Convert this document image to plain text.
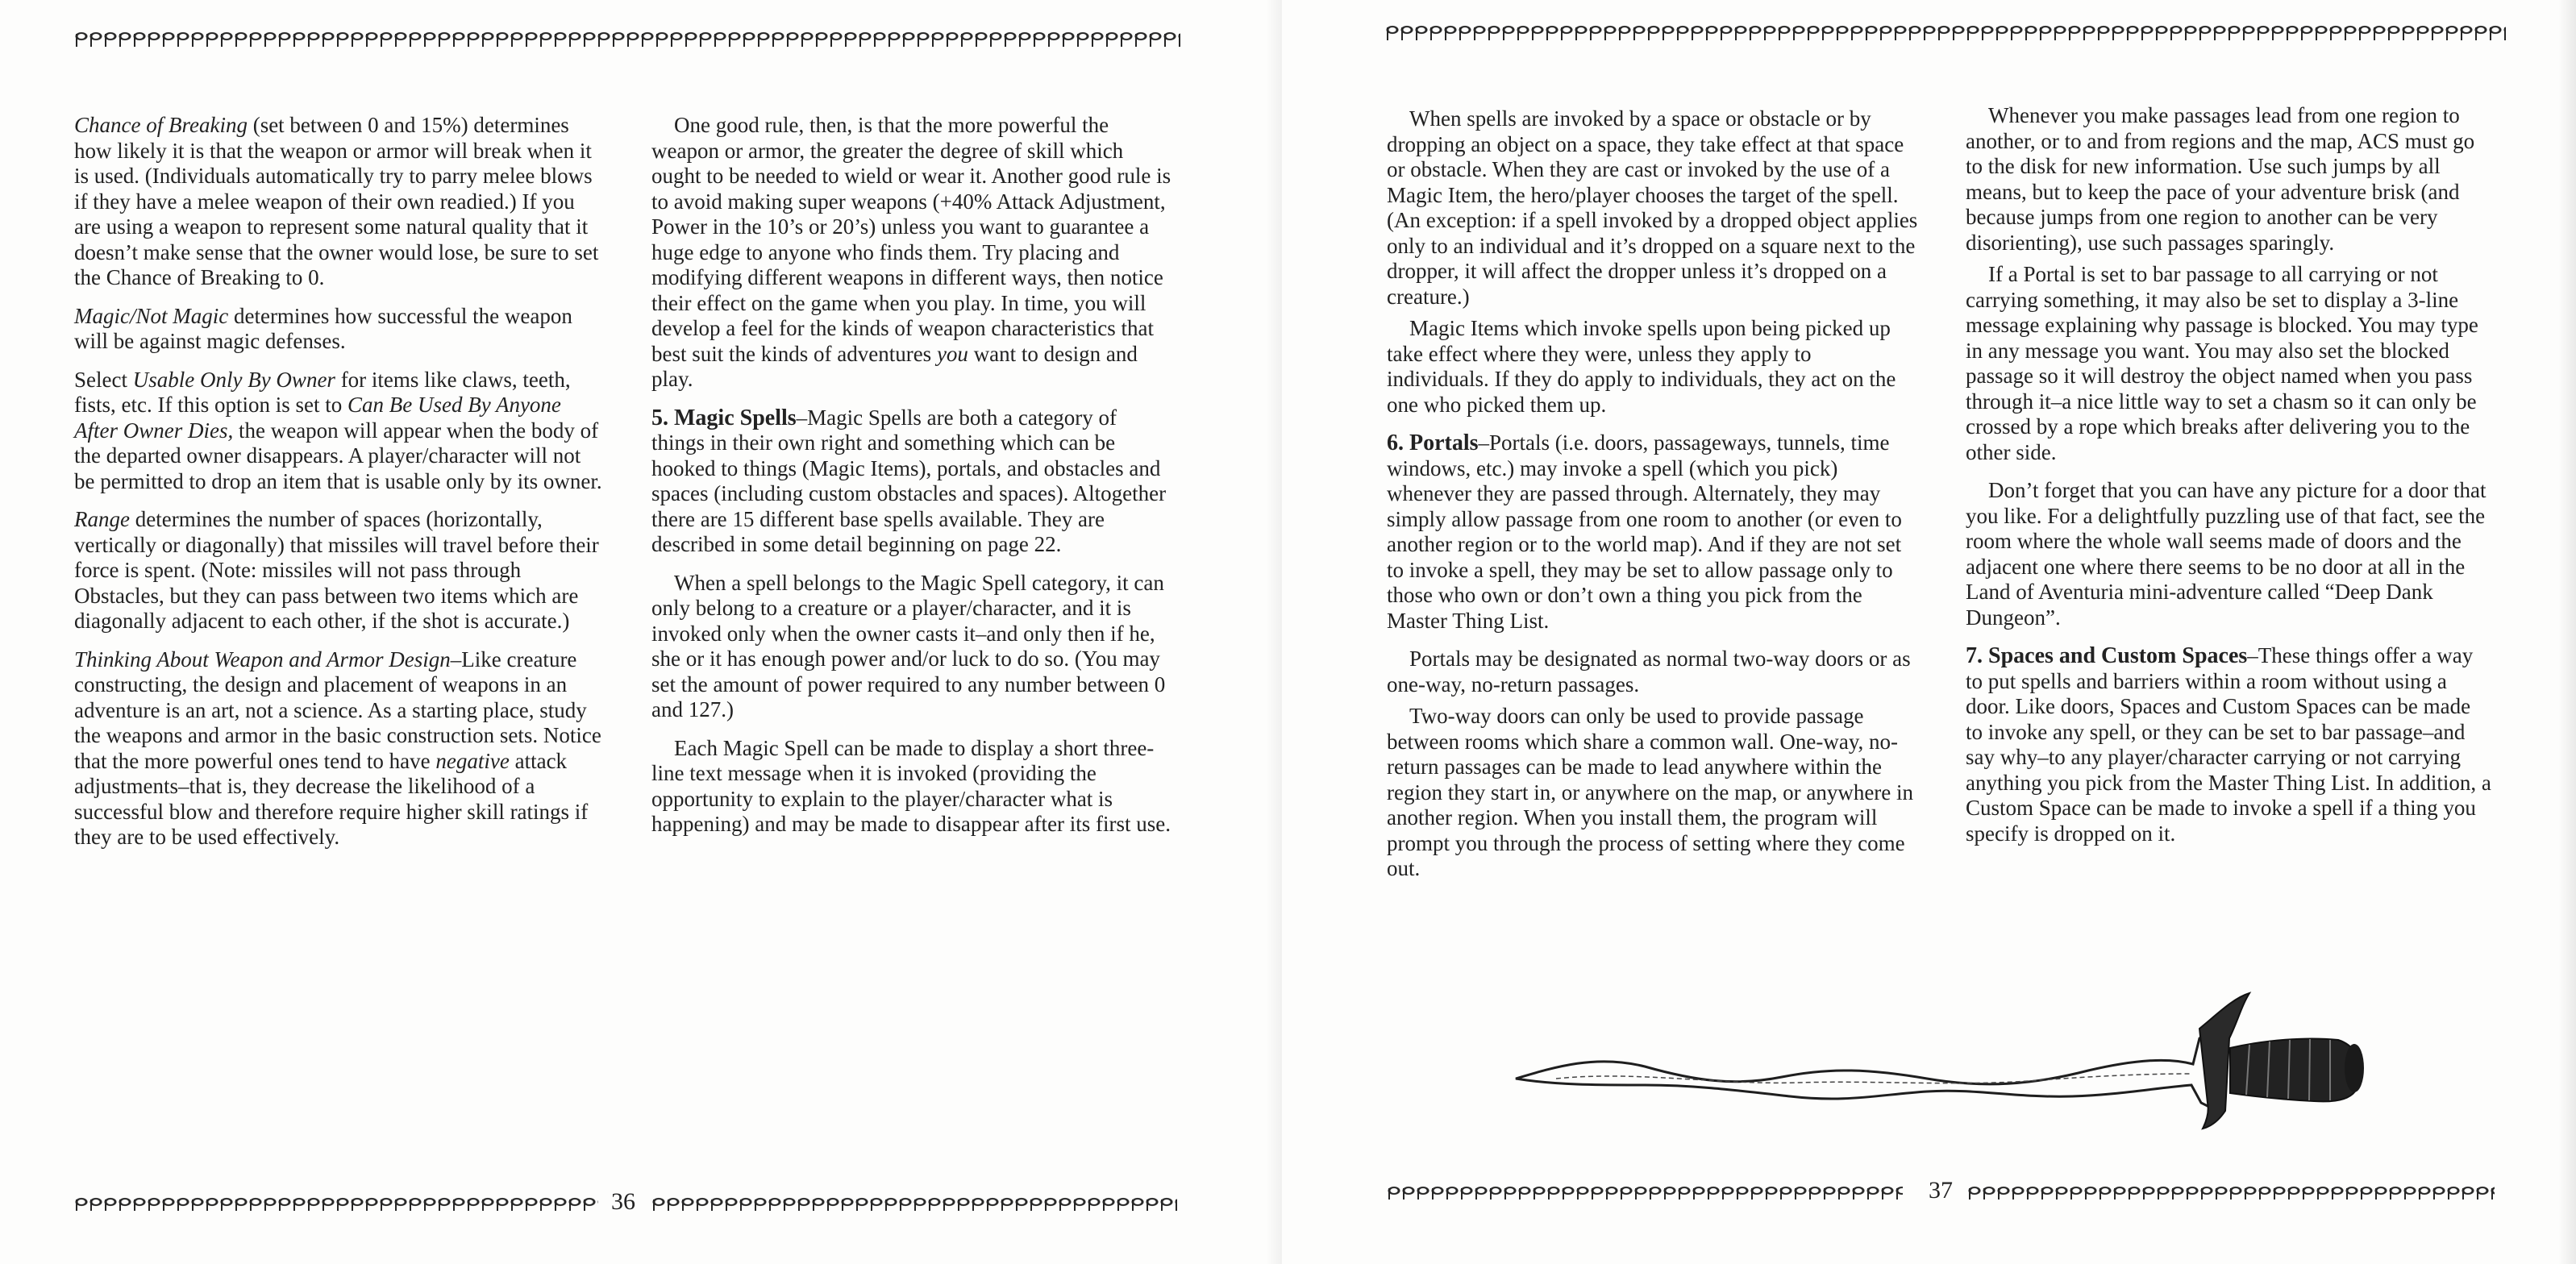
Chance of Breaking (set between 0 and 15%) determines how likely it is that the weapon or armor will break when it is used. (Individuals automatically try to parry melee blows if they have a melee weapon of their own readied.) If you are using a weapon to represent some natural quality that it doesn’t make sense that the owner would lose, be sure to set the Chance of Breaking to 0.

Magic/Not Magic determines how successful the weapon will be against magic defenses.

Select Usable Only By Owner for items like claws, teeth, fists, etc. If this option is set to Can Be Used By Anyone After Owner Dies, the weapon will appear when the body of the departed owner disappears. A player/character will not be permitted to drop an item that is usable only by its owner.

Range determines the number of spaces (horizontally, vertically or diagonally) that missiles will travel before their force is spent. (Note: missiles will not pass through Obstacles, but they can pass between two items which are diagonally adjacent to each other, if the shot is accurate.)

Thinking About Weapon and Armor Design–Like creature constructing, the design and placement of weapons in an adventure is an art, not a science. As a starting place, study the weapons and armor in the basic construction sets. Notice that the more powerful ones tend to have negative attack adjustments–that is, they decrease the likelihood of a successful blow and therefore require higher skill ratings if they are to be used effectively.

One good rule, then, is that the more powerful the weapon or armor, the greater the degree of skill which ought to be needed to wield or wear it. Another good rule is to avoid making super weapons (+40% Attack Adjustment, Power in the 10’s or 20’s) unless you want to guarantee a huge edge to anyone who finds them. Try placing and modifying different weapons in different ways, then notice their effect on the game when you play. In time, you will develop a feel for the kinds of weapon characteristics that best suit the kinds of adventures you want to design and play.

5. Magic Spells–Magic Spells are both a category of things in their own right and something which can be hooked to things (Magic Items), portals, and obstacles and spaces (including custom obstacles and spaces). Altogether there are 15 different base spells available. They are described in some detail beginning on page 22.

When a spell belongs to the Magic Spell category, it can only belong to a creature or a player/character, and it is invoked only when the owner casts it–and only then if he, she or it has enough power and/or luck to do so. (You may set the amount of power required to any number between 0 and 127.)

Each Magic Spell can be made to display a short three-line text message when it is invoked (providing the opportunity to explain to the player/character what is happening) and may be made to disappear after its first use.

36

When spells are invoked by a space or obstacle or by dropping an object on a space, they take effect at that space or obstacle. When they are cast or invoked by the use of a Magic Item, the hero/player chooses the target of the spell. (An exception: if a spell invoked by a dropped object applies only to an individual and it’s dropped on a square next to the dropper, it will affect the dropper unless it’s dropped on a creature.)

Magic Items which invoke spells upon being picked up take effect where they were, unless they apply to individuals. If they do apply to individuals, they act on the one who picked them up.

6. Portals–Portals (i.e. doors, passageways, tunnels, time windows, etc.) may invoke a spell (which you pick) whenever they are passed through. Alternately, they may simply allow passage from one room to another (or even to another region or to the world map). And if they are not set to invoke a spell, they may be set to allow passage only to those who own or don’t own a thing you pick from the Master Thing List.

Portals may be designated as normal two-way doors or as one-way, no-return passages.

Two-way doors can only be used to provide passage between rooms which share a common wall. One-way, no-return passages can be made to lead anywhere within the region they start in, or anywhere on the map, or anywhere in another region. When you install them, the program will prompt you through the process of setting where they come out.

Whenever you make passages lead from one region to another, or to and from regions and the map, ACS must go to the disk for new information. Use such jumps by all means, but to keep the pace of your adventure brisk (and because jumps from one region to another can be very disorienting), use such passages sparingly.

If a Portal is set to bar passage to all carrying or not carrying something, it may also be set to display a 3-line message explaining why passage is blocked. You may type in any message you want. You may also set the blocked passage so it will destroy the object named when you pass through it–a nice little way to set a chasm so it can only be crossed by a rope which breaks after delivering you to the other side.

Don’t forget that you can have any picture for a door that you like. For a delightfully puzzling use of that fact, see the room where the whole wall seems made of doors and the adjacent one where there seems to be no door at all in the Land of Aventuria mini-adventure called “Deep Dank Dungeon”.

7. Spaces and Custom Spaces–These things offer a way to put spells and barriers within a room without using a door. Like doors, Spaces and Custom Spaces can be made to invoke any spell, or they can be set to bar passage–and say why–to any player/character carrying or not carrying anything you pick from the Master Thing List. In addition, a Custom Space can be made to invoke a spell if a thing you specify is dropped on it.

37
